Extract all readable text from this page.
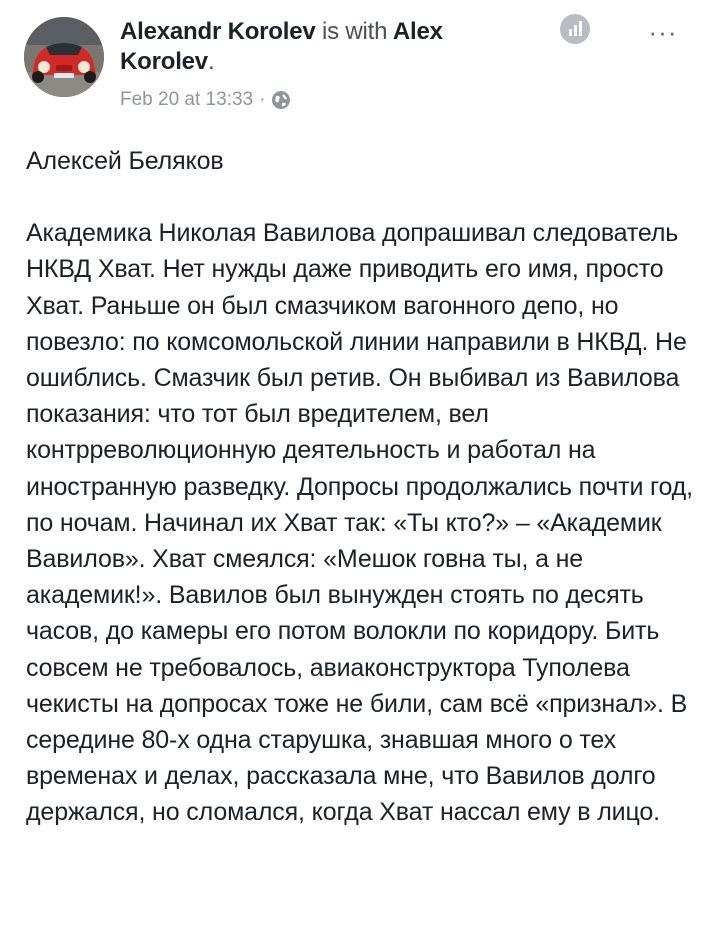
Alexandr Korolev is with Alex Korolev.
Feb 20 at 13:33 ·
···

Алексей Беляков

Академика Николая Вавилова допрашивал следователь НКВД Хват. Нет нужды даже приводить его имя, просто Хват. Раньше он был смазчиком вагонного депо, но повезло: по комсомольской линии направили в НКВД. Не ошиблись. Смазчик был ретив. Он выбивал из Вавилова показания: что тот был вредителем, вел контрреволюционную деятельность и работал на иностранную разведку. Допросы продолжались почти год, по ночам. Начинал их Хват так: «Ты кто?» – «Академик Вавилов». Хват смеялся: «Мешок говна ты, а не академик!». Вавилов был вынужден стоять по десять часов, до камеры его потом волокли по коридору. Бить совсем не требовалось, авиаконструктора Туполева чекисты на допросах тоже не били, сам всё «признал». В середине 80-х одна старушка, знавшая много о тех временах и делах, рассказала мне, что Вавилов долго держался, но сломался, когда Хват нассал ему в лицо.
